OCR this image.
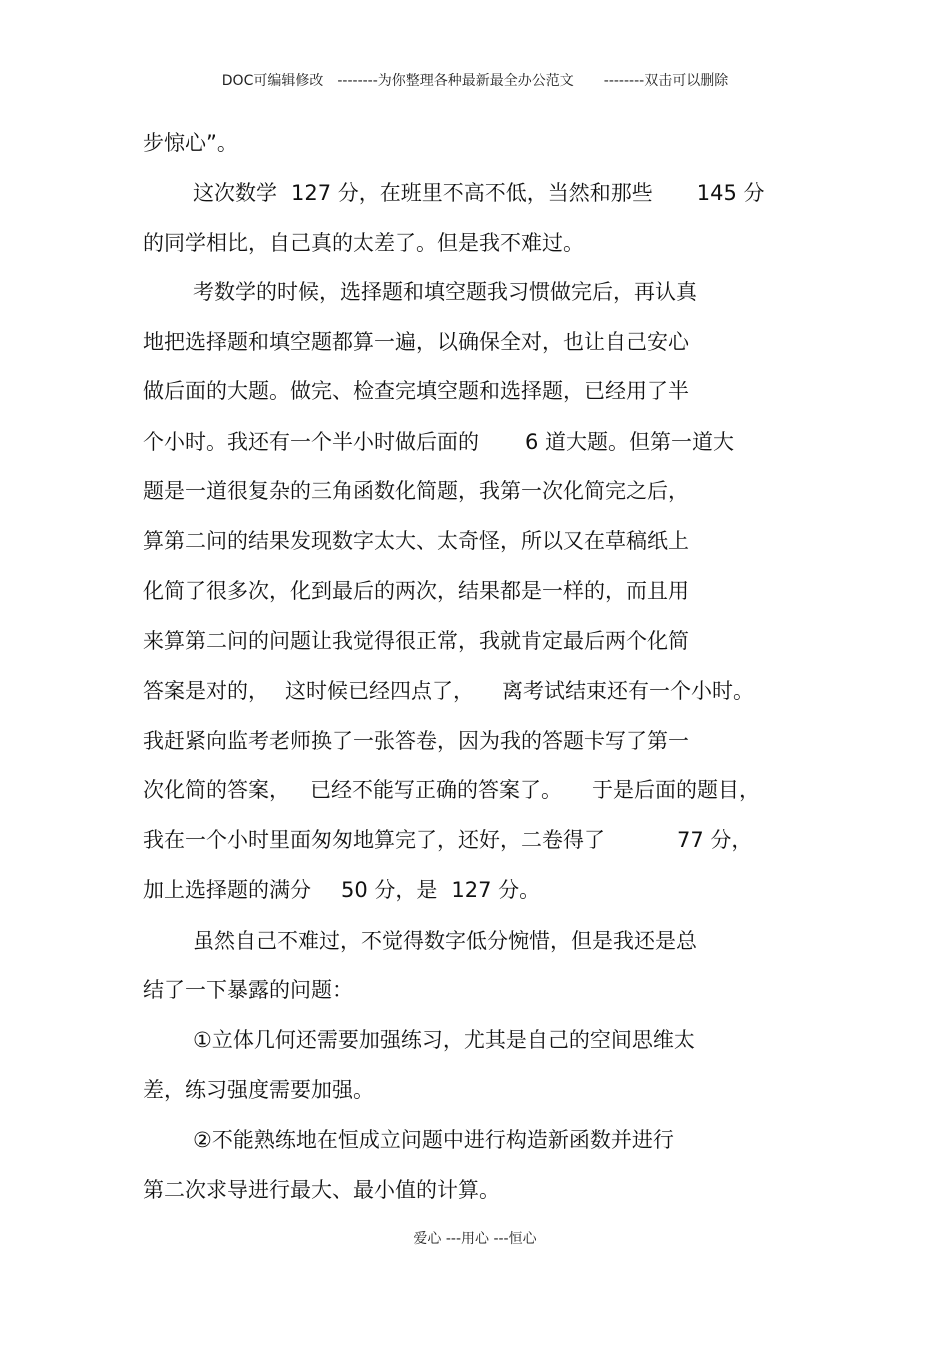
DOC可编辑修改 --------为你整理各种最新最全办公范文 --------双击可以删除
步惊心”。
这次数学 127 分，在班里不高不低，当然和那些 145 分
的同学相比，自己真的太差了。但是我不难过。
考数学的时候，选择题和填空题我习惯做完后，再认真
地把选择题和填空题都算一遍，以确保全对，也让自己安心
做后面的大题。做完、检查完填空题和选择题，已经用了半
个小时。我还有一个半小时做后面的 6 道大题。但第一道大
题是一道很复杂的三角函数化简题，我第一次化简完之后，
算第二问的结果发现数字太大、太奇怪，所以又在草稿纸上
化简了很多次，化到最后的两次，结果都是一样的，而且用
来算第二问的问题让我觉得很正常，我就肯定最后两个化简
答案是对的， 这时候已经四点了， 离考试结束还有一个小时。
我赶紧向监考老师换了一张答卷，因为我的答题卡写了第一
次化简的答案， 已经不能写正确的答案了。 于是后面的题目，
我在一个小时里面匆匆地算完了，还好，二卷得了	77 分，
加上选择题的满分 50 分，是 127 分。
虽然自己不难过，不觉得数字低分惋惜，但是我还是总
结了一下暴露的问题：
①立体几何还需要加强练习，尤其是自己的空间思维太
差，练习强度需要加强。
②不能熟练地在恒成立问题中进行构造新函数并进行
第二次求导进行最大、最小值的计算。
爱心 ---用心 ---恒心
